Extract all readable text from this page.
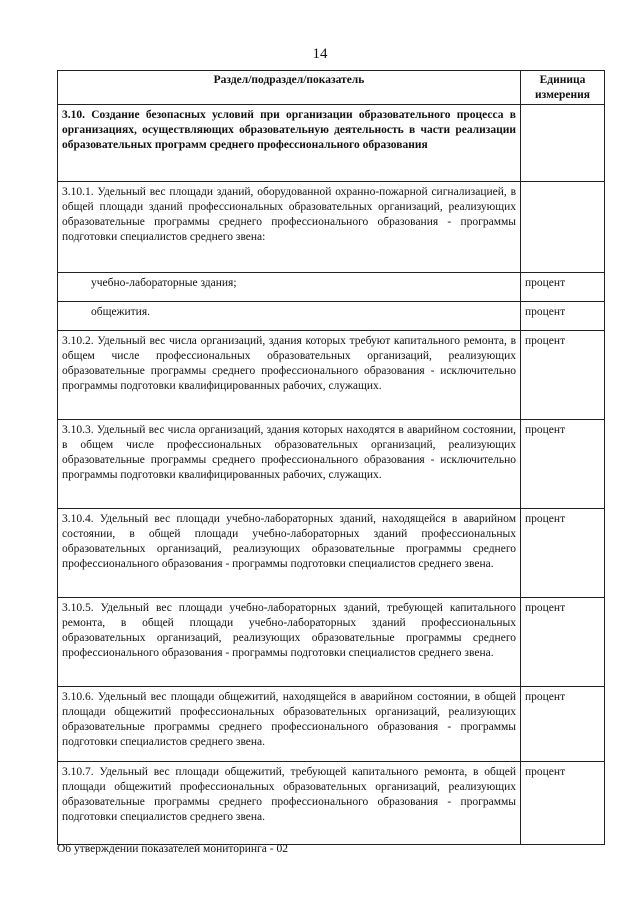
14
Раздел/подраздел/показатель	Единица измерения
3.10. Создание безопасных условий при организации образовательного процесса в организациях, осуществляющих образовательную деятельность в части реализации образовательных программ среднего профессионального образования	
3.10.1. Удельный вес площади зданий, оборудованной охранно-пожарной сигнализацией, в общей площади зданий профессиональных образовательных организаций, реализующих образовательные программы среднего профессионального образования - программы подготовки специалистов среднего звена:	
учебно-лабораторные здания;	процент
общежития.	процент
3.10.2. Удельный вес числа организаций, здания которых требуют капитального ремонта, в общем числе профессиональных образовательных организаций, реализующих образовательные программы среднего профессионального образования - исключительно программы подготовки квалифицированных рабочих, служащих.	процент
3.10.3. Удельный вес числа организаций, здания которых находятся в аварийном состоянии, в общем числе профессиональных образовательных организаций, реализующих образовательные программы среднего профессионального образования - исключительно программы подготовки квалифицированных рабочих, служащих.	процент
3.10.4. Удельный вес площади учебно-лабораторных зданий, находящейся в аварийном состоянии, в общей площади учебно-лабораторных зданий профессиональных образовательных организаций, реализующих образовательные программы среднего профессионального образования - программы подготовки специалистов среднего звена.	процент
3.10.5. Удельный вес площади учебно-лабораторных зданий, требующей капитального ремонта, в общей площади учебно-лабораторных зданий профессиональных образовательных организаций, реализующих образовательные программы среднего профессионального образования - программы подготовки специалистов среднего звена.	процент
3.10.6. Удельный вес площади общежитий, находящейся в аварийном состоянии, в общей площади общежитий профессиональных образовательных организаций, реализующих образовательные программы среднего профессионального образования - программы подготовки специалистов среднего звена.	процент
3.10.7. Удельный вес площади общежитий, требующей капитального ремонта, в общей площади общежитий профессиональных образовательных организаций, реализующих образовательные программы среднего профессионального образования - программы подготовки специалистов среднего звена.	процент
Об утверждении показателей мониторинга - 02
